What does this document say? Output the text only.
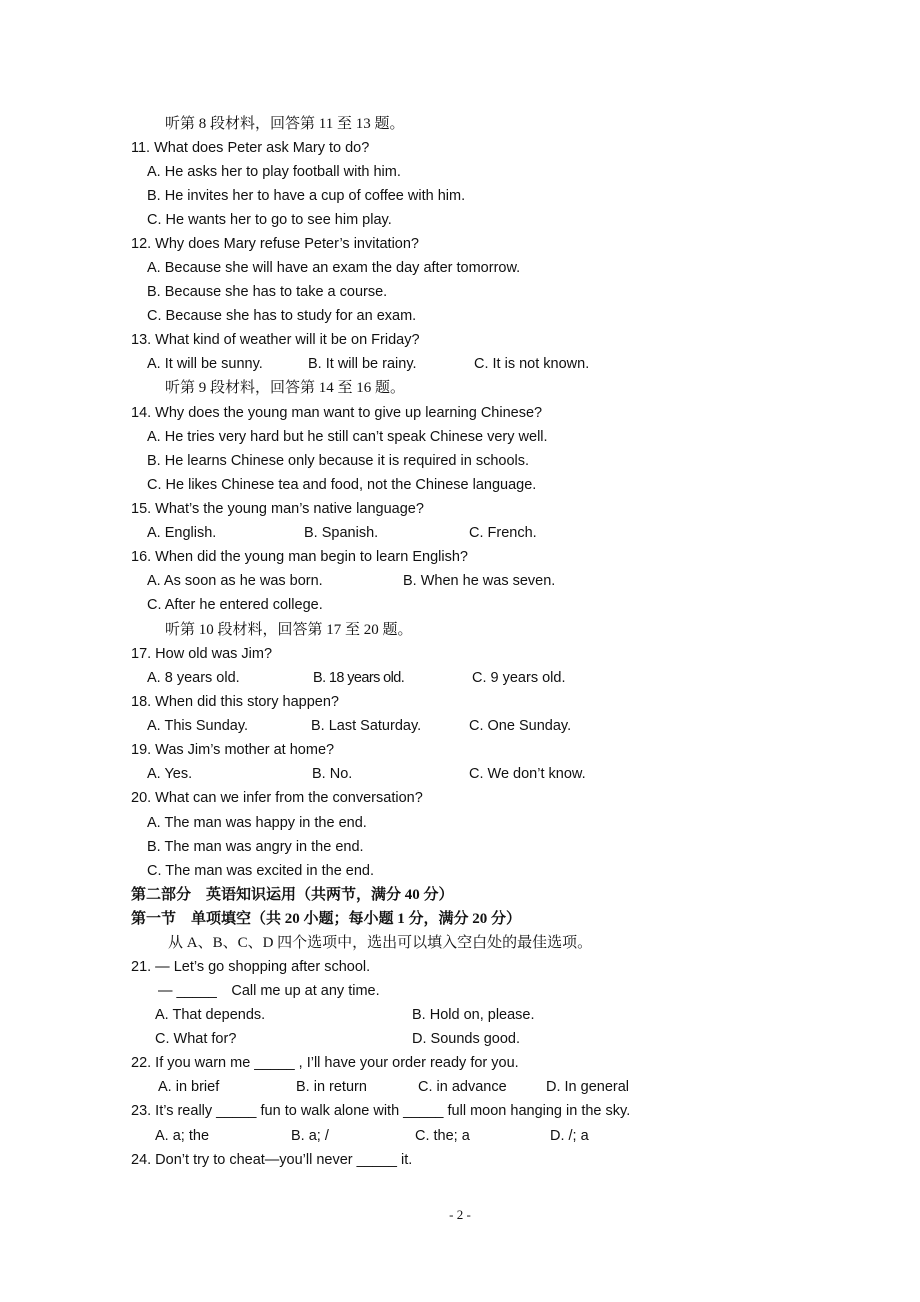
听第 8 段材料，回答第 11 至 13 题。
11. What does Peter ask Mary to do?
A. He asks her to play football with him.
B. He invites her to have a cup of coffee with him.
C. He wants her to go to see him play.
12. Why does Mary refuse Peter’s invitation?
A. Because she will have an exam the day after tomorrow.
B. Because she has to take a course.
C. Because she has to study for an exam.
13. What kind of weather will it be on Friday?
A. It will be sunny.	B. It will be rainy.	C. It is not known.
听第 9 段材料，回答第 14 至 16 题。
14. Why does the young man want to give up learning Chinese?
A. He tries very hard but he still can’t speak Chinese very well.
B. He learns Chinese only because it is required in schools.
C. He likes Chinese tea and food, not the Chinese language.
15. What’s the young man’s native language?
A. English.	B. Spanish.	C. French.
16. When did the young man begin to learn English?
A. As soon as he was born.	B. When he was seven.
C. After he entered college.
听第 10 段材料，回答第 17 至 20 题。
17. How old was Jim?
A. 8 years old.	B. 18 years old.	C. 9 years old.
18. When did this story happen?
A. This Sunday.	B. Last Saturday.	C. One Sunday.
19. Was Jim’s mother at home?
A. Yes.	B. No.	C. We don’t know.
20. What can we infer from the conversation?
A. The man was happy in the end.
B. The man was angry in the end.
C. The man was excited in the end.
第二部分　英语知识运用（共两节，满分 40 分）
第一节　单项填空（共 20 小题；每小题 1 分，满分 20 分）
从 A、B、C、D 四个选项中，选出可以填入空白处的最佳选项。
21. — Let’s go shopping after school.
— _____　Call me up at any time.
A. That depends.	B. Hold on, please.
C. What for?	D. Sounds good.
22. If you warn me _____ , I’ll have your order ready for you.
A. in brief	B. in return	C. in advance	D. In general
23. It’s really _____ fun to walk alone with _____ full moon hanging in the sky.
A. a; the	B. a; /	C. the; a	D. /; a
24. Don’t try to cheat—you’ll never _____ it.
- 2 -
